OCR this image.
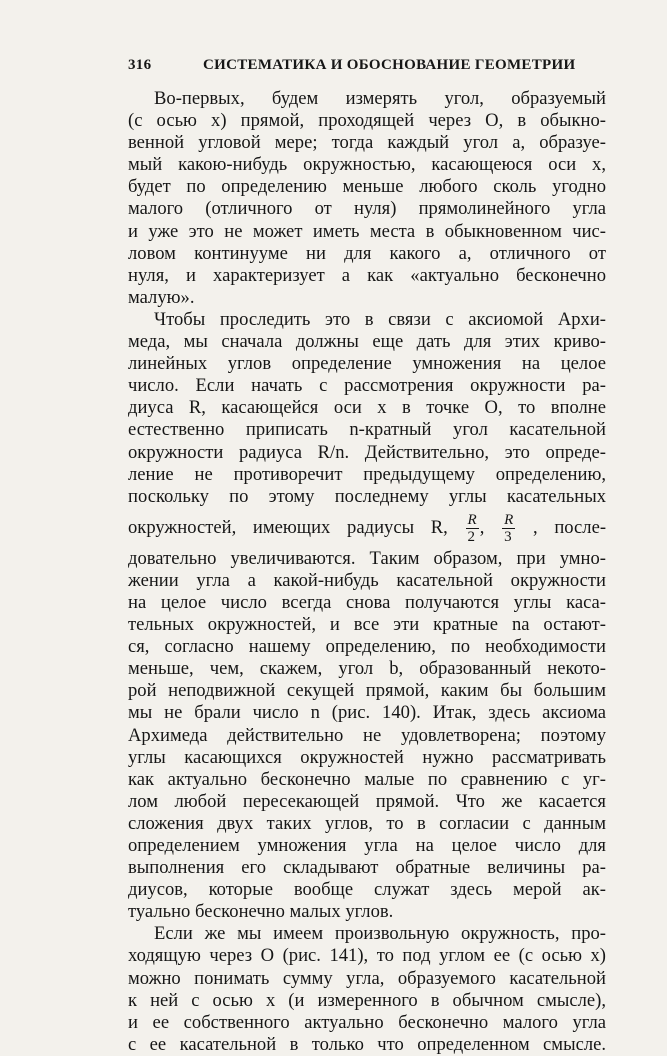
316	СИСТЕМАТИКА И ОБОСНОВАНИЕ ГЕОМЕТРИИ
Во-первых, будем измерять угол, образуемый
(с осью x) прямой, проходящей через O, в обыкно-
венной угловой мере; тогда каждый угол a, образуе-
мый какою-нибудь окружностью, касающеюся оси x,
будет по определению меньше любого сколь угодно
малого (отличного от нуля) прямолинейного угла
и уже это не может иметь места в обыкновенном чис-
ловом континууме ни для какого a, отличного от
нуля, и характеризует a как «актуально бесконечно
малую».
Чтобы проследить это в связи с аксиомой Архи-
меда, мы сначала должны еще дать для этих криво-
линейных углов определение умножения на целое
число. Если начать с рассмотрения окружности ра-
диуса R, касающейся оси x в точке O, то вполне
естественно приписать n-кратный угол касательной
окружности радиуса R/n. Действительно, это опреде-
ление не противоречит предыдущему определению,
поскольку по этому последнему углы касательных
окружностей, имеющих радиусы R, $\frac{R}{2}$ , $\frac{R}{3}$ , после-
довательно увеличиваются. Таким образом, при умно-
жении угла a какой-нибудь касательной окружности
на целое число всегда снова получаются углы каса-
тельных окружностей, и все эти кратные na остают-
ся, согласно нашему определению, по необходимости
меньше, чем, скажем, угол b, образованный некото-
рой неподвижной секущей прямой, каким бы большим
мы не брали число n (рис. 140). Итак, здесь аксиома
Архимеда действительно не удовлетворена; поэтому
углы касающихся окружностей нужно рассматривать
как актуально бесконечно малые по сравнению с уг-
лом любой пересекающей прямой. Что же касается
сложения двух таких углов, то в согласии с данным
определением умножения угла на целое число для
выполнения его складывают обратные величины ра-
диусов, которые вообще служат здесь мерой ак-
туально бесконечно малых углов.
Если же мы имеем произвольную окружность, про-
ходящую через O (рис. 141), то под углом ее (с осью x)
можно понимать сумму угла, образуемого касательной
к ней с осью x (и измеренного в обычном смысле),
и ее собственного актуально бесконечно малого угла
с ее касательной в только что определенном смысле.
